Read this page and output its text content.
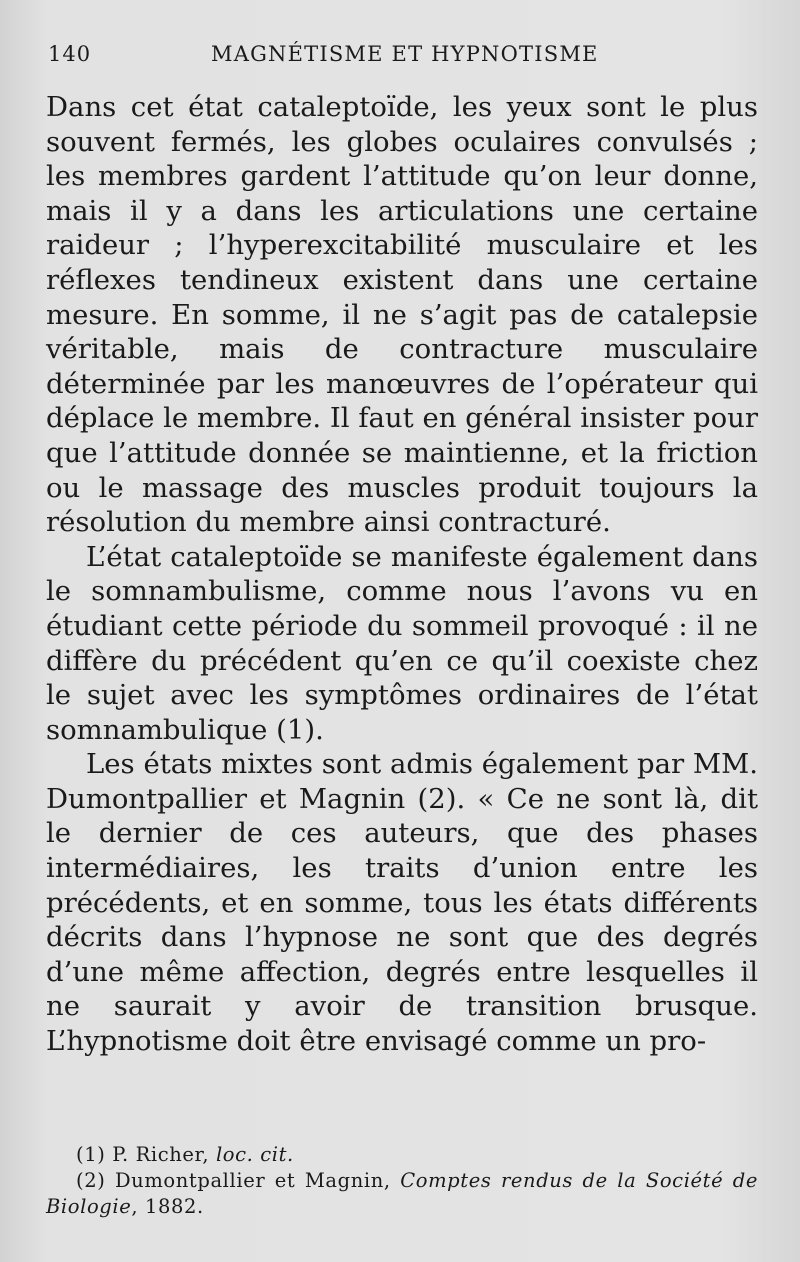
140	MAGNÉTISME ET HYPNOTISME

Dans cet état cataleptoïde, les yeux sont le plus souvent fermés, les globes oculaires convulsés ; les membres gardent l’attitude qu’on leur donne, mais il y a dans les articulations une certaine raideur ; l’hyperexcitabilité musculaire et les réflexes tendineux existent dans une certaine mesure. En somme, il ne s’agit pas de catalepsie véritable, mais de contracture musculaire déterminée par les manœuvres de l’opérateur qui déplace le membre. Il faut en général insister pour que l’attitude donnée se maintienne, et la friction ou le massage des muscles produit toujours la résolution du membre ainsi contracturé.

L’état cataleptoïde se manifeste également dans le somnambulisme, comme nous l’avons vu en étudiant cette période du sommeil provoqué : il ne diffère du précédent qu’en ce qu’il coexiste chez le sujet avec les symptômes ordinaires de l’état somnambulique (1).

Les états mixtes sont admis également par MM. Dumontpallier et Magnin (2). « Ce ne sont là, dit le dernier de ces auteurs, que des phases intermédiaires, les traits d’union entre les précédents, et en somme, tous les états différents décrits dans l’hypnose ne sont que des degrés d’une même affection, degrés entre lesquelles il ne saurait y avoir de transition brusque. L’hypnotisme doit être envisagé comme un pro-

(1) P. Richer, loc. cit.

(2) Dumontpallier et Magnin, Comptes rendus de la Société de Biologie, 1882.
